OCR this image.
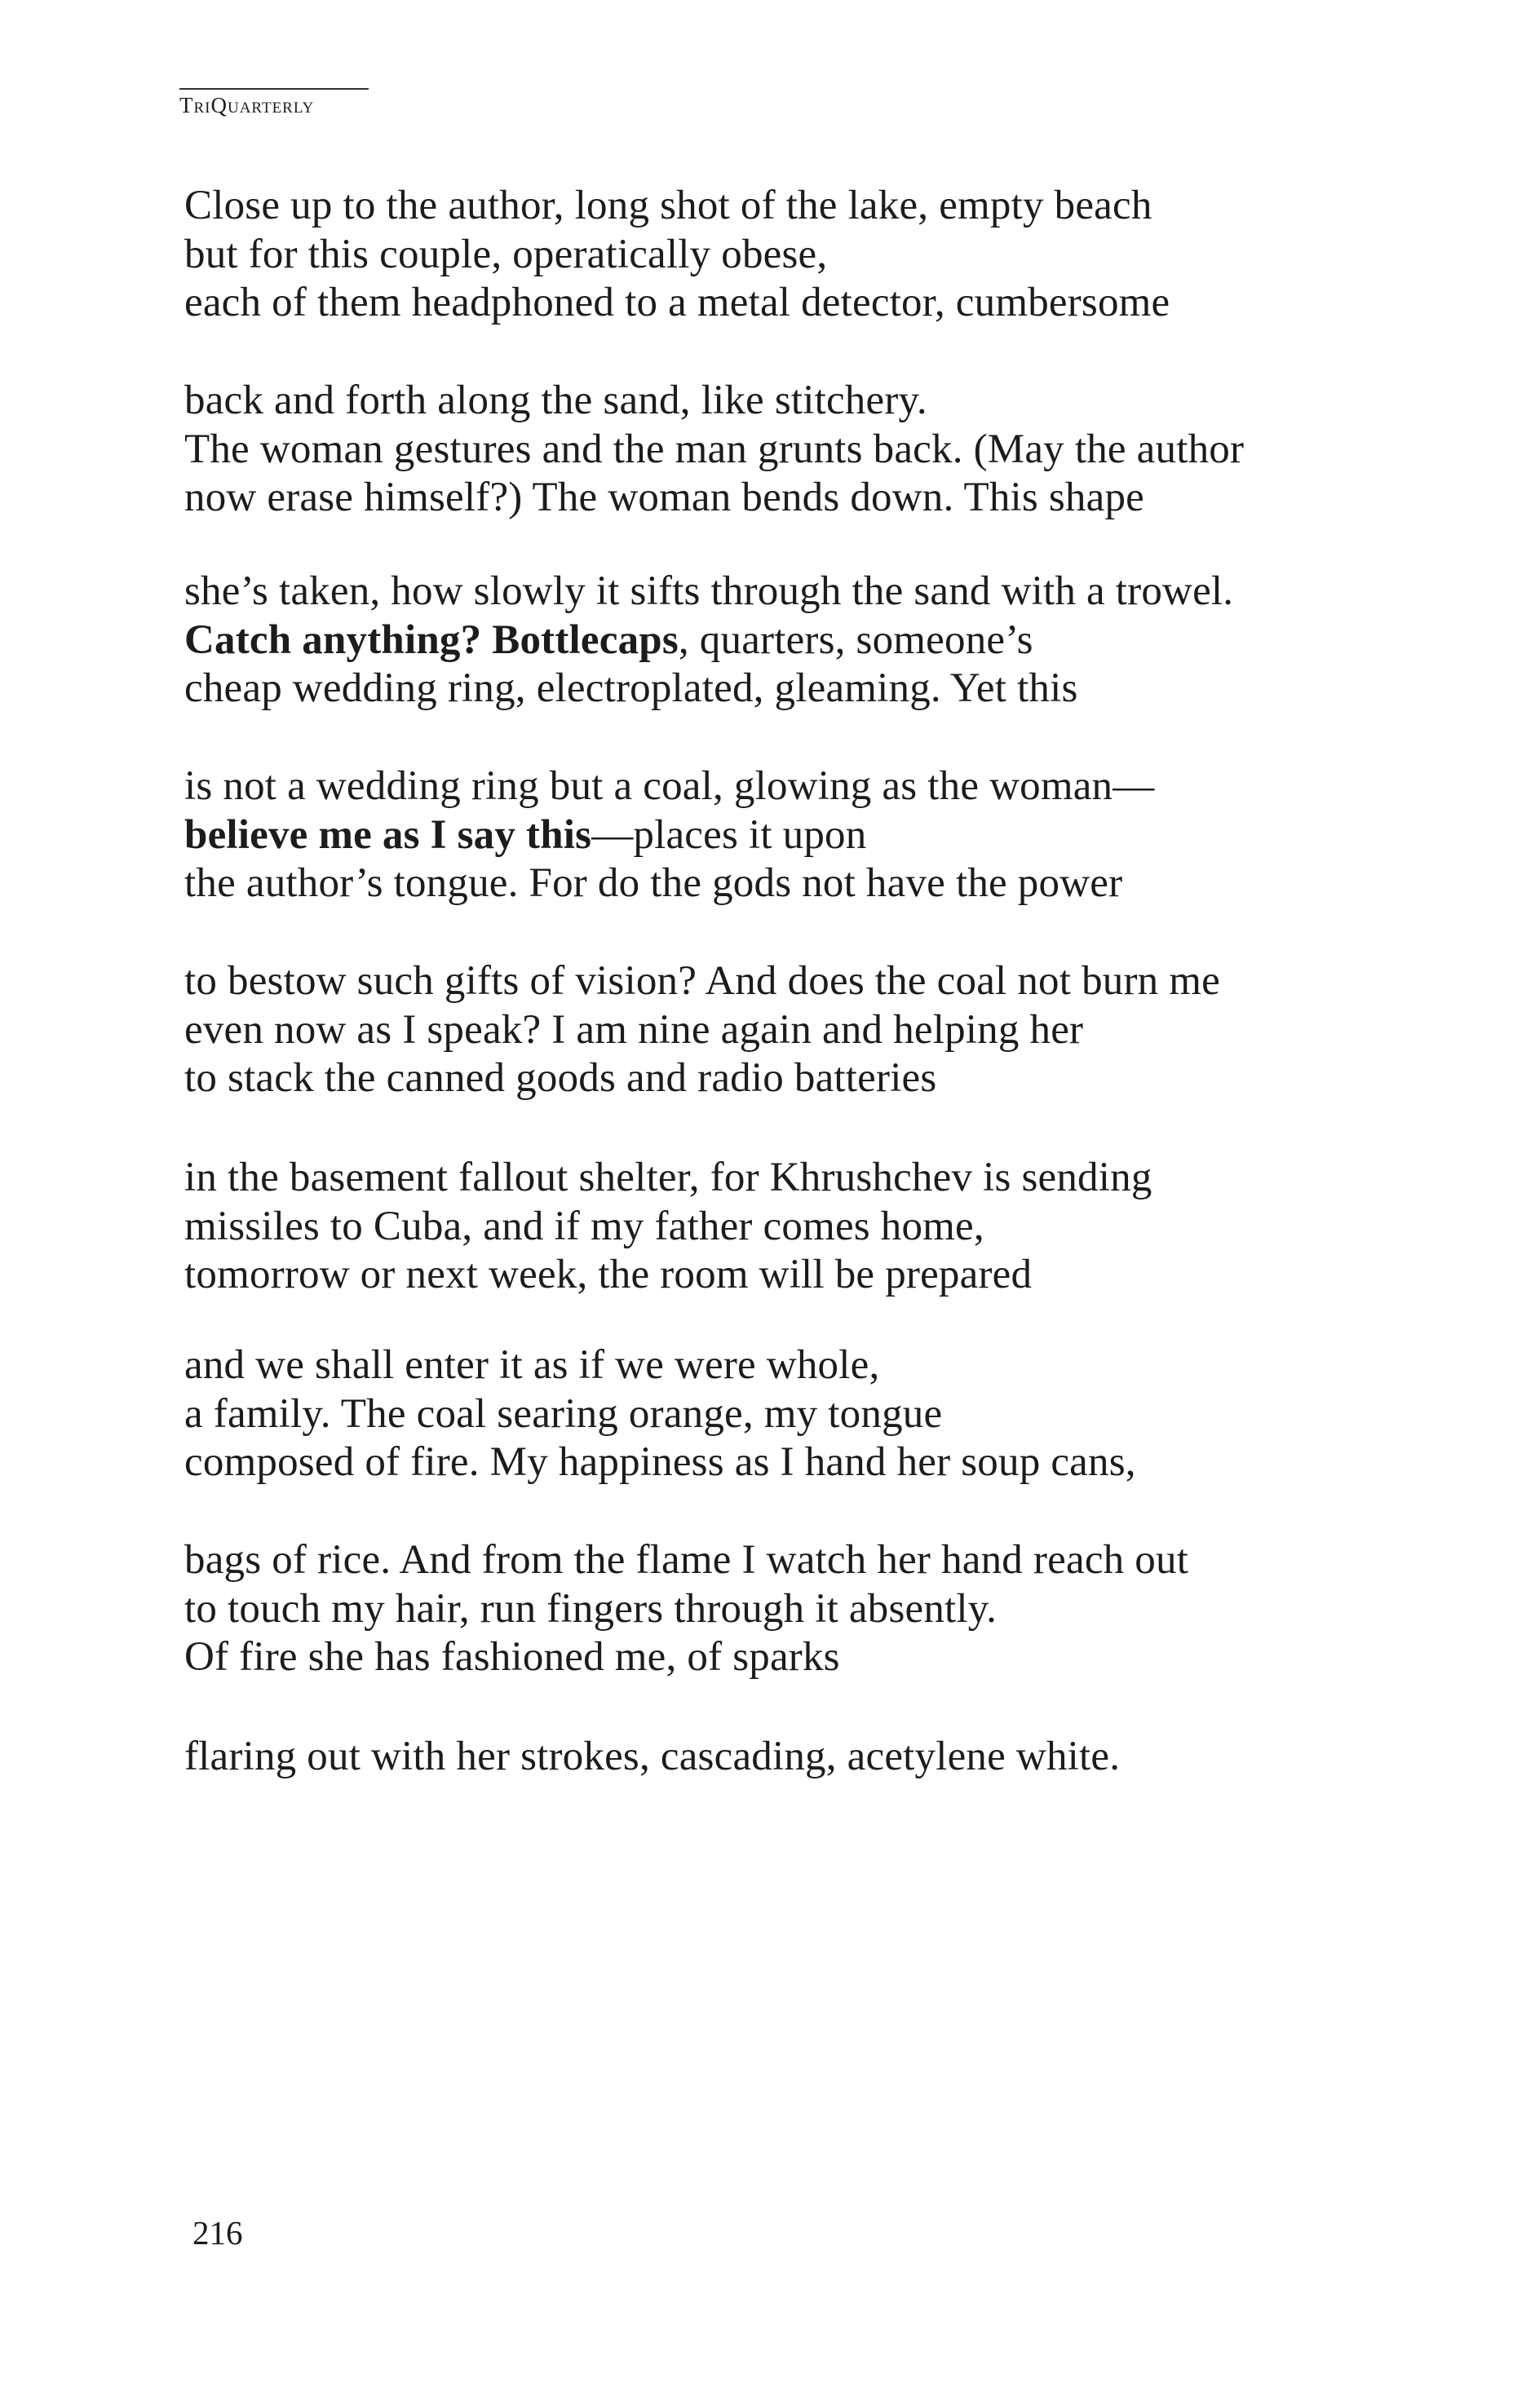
TriQuarterly
Close up to the author, long shot of the lake, empty beach
but for this couple, operatically obese,
each of them headphoned to a metal detector, cumbersome
back and forth along the sand, like stitchery.
The woman gestures and the man grunts back. (May the author
now erase himself?) The woman bends down. This shape
she’s taken, how slowly it sifts through the sand with a trowel.
Catch anything? Bottlecaps, quarters, someone’s
cheap wedding ring, electroplated, gleaming. Yet this
is not a wedding ring but a coal, glowing as the woman—
believe me as I say this—places it upon
the author’s tongue. For do the gods not have the power
to bestow such gifts of vision? And does the coal not burn me
even now as I speak? I am nine again and helping her
to stack the canned goods and radio batteries
in the basement fallout shelter, for Khrushchev is sending
missiles to Cuba, and if my father comes home,
tomorrow or next week, the room will be prepared
and we shall enter it as if we were whole,
a family. The coal searing orange, my tongue
composed of fire. My happiness as I hand her soup cans,
bags of rice. And from the flame I watch her hand reach out
to touch my hair, run fingers through it absently.
Of fire she has fashioned me, of sparks
flaring out with her strokes, cascading, acetylene white.
216
